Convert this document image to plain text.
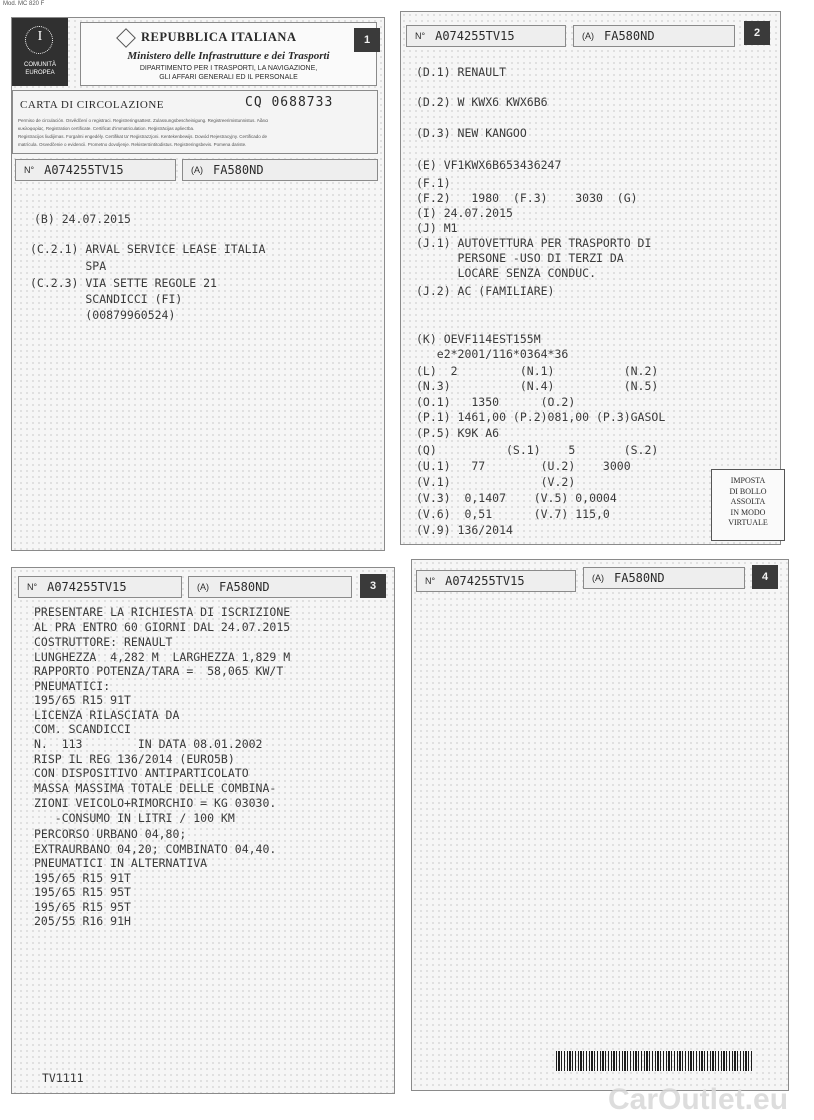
Mod. MC 820 F
I
COMUNITÀ
EUROPEA
REPUBBLICA ITALIANA
Ministero delle Infrastrutture e dei Trasporti
DIPARTIMENTO PER I TRASPORTI, LA NAVIGAZIONE,
GLI AFFARI GENERALI ED IL PERSONALE
1
CARTA DI CIRCOLAZIONE	CQ 0688733
Permiso de circulación. Osvědčení o registraci. Registreringsattest. Zulassungsbescheinigung. Registreerimistunnistus. Άδεια
κυκλοφορίας. Registration certificate. Certificat d'immatriculation. Reģistrācijas apliecība.
Registracijos liudijimas. Forgalmi engedély. Certifikat ta' Reġistrazzjoni. Kentekenbewijs. Dowód Rejestracyjny. Certificado de
matrícula. Osvedčenie o evidencii. Prometno dovoljenje. Rekisteröintitodistus. Registreringsbevis. Pomena dariste.
N° A074255TV15	(A) FA580ND
(B) 24.07.2015
(C.2.1) ARVAL SERVICE LEASE ITALIA
SPA
(C.2.3) VIA SETTE REGOLE 21
SCANDICCI (FI)
(00879960524)
N° A074255TV15	(A) FA580ND	2
(D.1) RENAULT
(D.2) W KWX6 KWX6B6
(D.3) NEW KANGOO
(E) VF1KWX6B653436247
(F.1)
(F.2)   1980  (F.3)    3030  (G)
(I) 24.07.2015
(J) M1
(J.1) AUTOVETTURA PER TRASPORTO DI
PERSONE -USO DI TERZI DA
LOCARE SENZA CONDUC.
(J.2) AC (FAMILIARE)
(K) OEVF114EST155M
e2*2001/116*0364*36
(L)  2         (N.1)          (N.2)
(N.3)          (N.4)          (N.5)
(O.1)   1350      (O.2)
(P.1) 1461,00 (P.2)081,00 (P.3)GASOL
(P.5) K9K A6
(Q)          (S.1)    5       (S.2)
(U.1)   77        (U.2)    3000
(V.1)             (V.2)
(V.3)  0,1407    (V.5) 0,0004
(V.6)  0,51      (V.7) 115,0
(V.9) 136/2014
IMPOSTA
DI BOLLO
ASSOLTA
IN MODO
VIRTUALE
N° A074255TV15	(A) FA580ND	3
PRESENTARE LA RICHIESTA DI ISCRIZIONE
AL PRA ENTRO 60 GIORNI DAL 24.07.2015
COSTRUTTORE: RENAULT
LUNGHEZZA  4,282 M  LARGHEZZA 1,829 M
RAPPORTO POTENZA/TARA =  58,065 KW/T
PNEUMATICI:
195/65 R15 91T
LICENZA RILASCIATA DA
COM. SCANDICCI
N.  113        IN DATA 08.01.2002
RISP IL REG 136/2014 (EURO5B)
CON DISPOSITIVO ANTIPARTICOLATO
MASSA MASSIMA TOTALE DELLE COMBINA-
ZIONI VEICOLO+RIMORCHIO = KG 03030.
-CONSUMO IN LITRI / 100 KM
PERCORSO URBANO 04,80;
EXTRAURBANO 04,20; COMBINATO 04,40.
PNEUMATICI IN ALTERNATIVA
195/65 R15 91T
195/65 R15 95T
195/65 R15 95T
205/55 R16 91H
TV1111
N° A074255TV15	(A) FA580ND	4
CarOutlet.eu
